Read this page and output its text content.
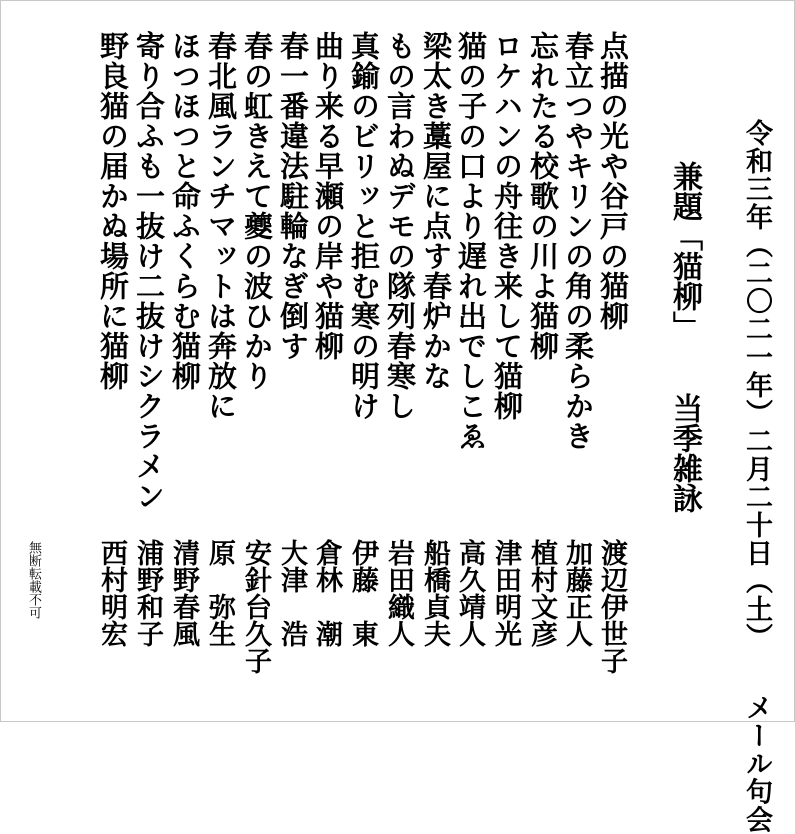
令和三年（二〇二一年）二月二十日（土）　　メール句会
兼題「猫柳」当季雑詠
点描の光や谷戸の猫柳
渡辺伊世子
春立つやキリンの角の柔らかき
加藤正人
忘れたる校歌の川よ猫柳
植村文彦
ロケハンの舟往き来して猫柳
津田明光
猫の子の口より遅れ出でしこゑ
高久靖人
梁太き藁屋に点す春炉かな
船橋貞夫
もの言わぬデモの隊列春寒し
岩田織人
真鍮のビリッと拒む寒の明け
伊藤　東
曲り来る早瀬の岸や猫柳
倉林　潮
春一番違法駐輪なぎ倒す
大津　浩
春の虹きえて夔の波ひかり
安針台久子
春北風ランチマットは奔放に
原　弥生
ほつほつと命ふくらむ猫柳
清野春風
寄り合ふも一抜け二抜けシクラメン
浦野和子
野良猫の届かぬ場所に猫柳
西村明宏
無断転載不可
